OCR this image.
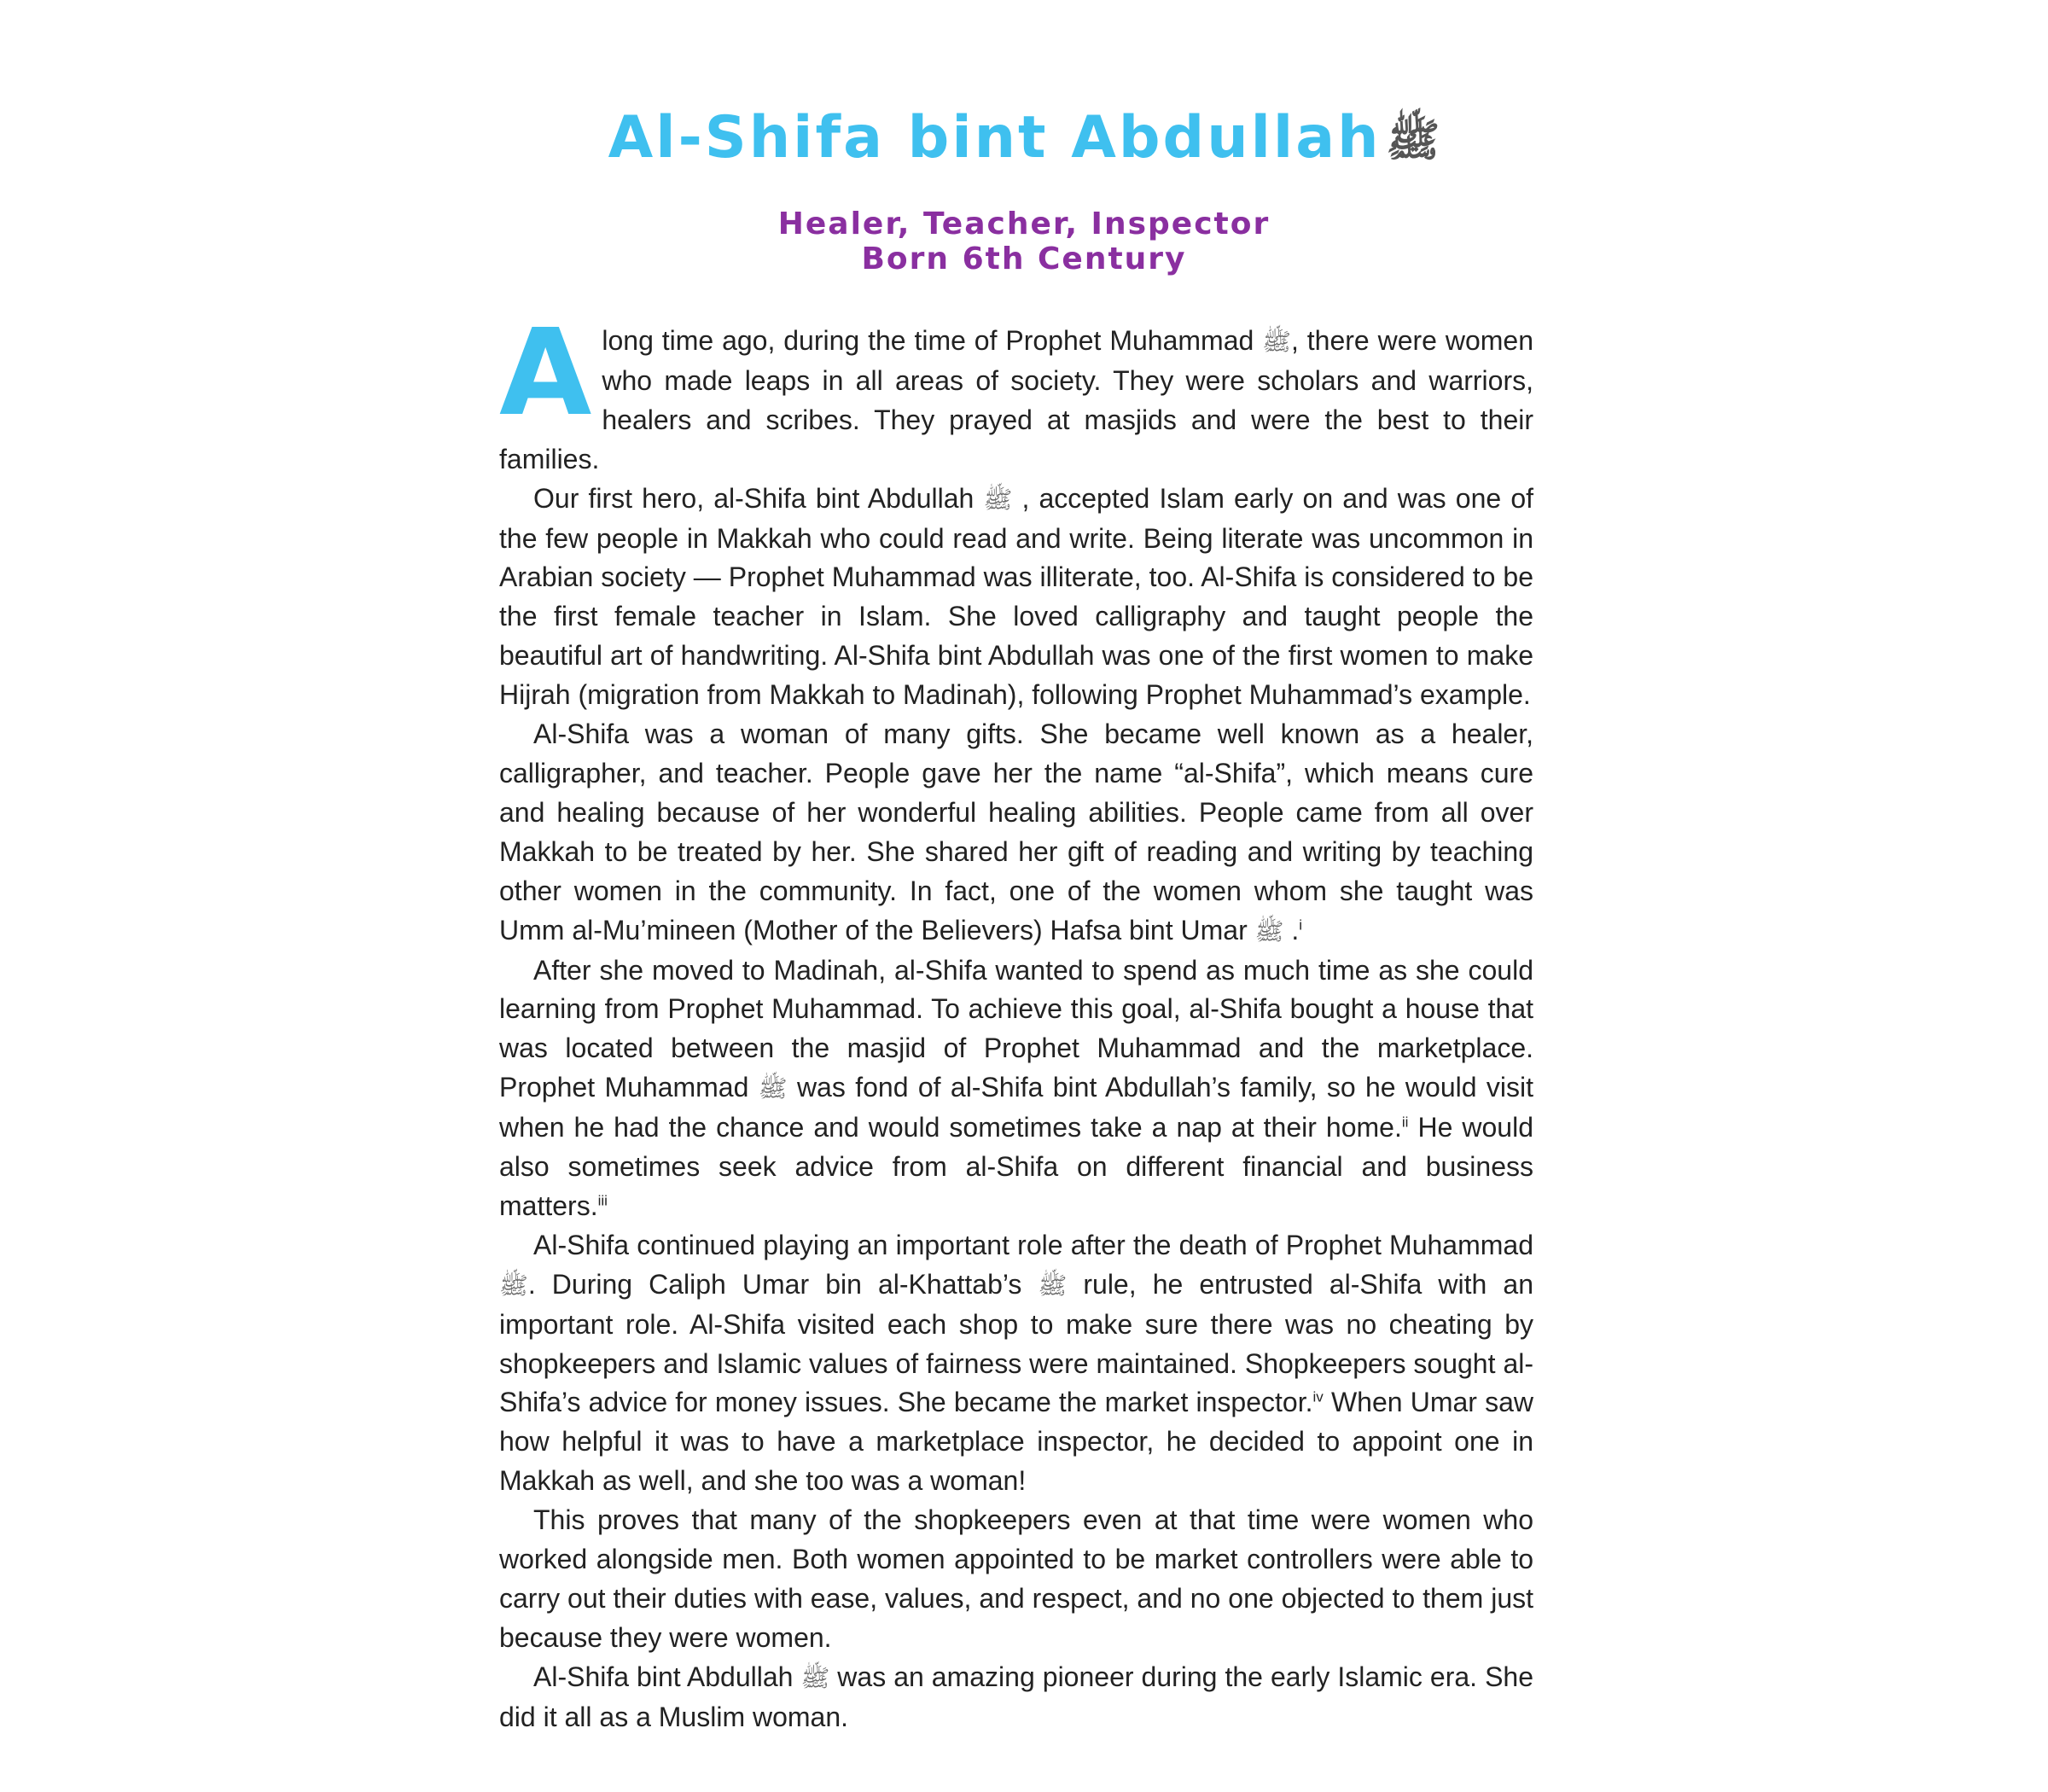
Al-Shifa bint Abdullah ﷺ
Healer, Teacher, Inspector
Born 6th Century

Along time ago, during the time of Prophet Muhammad ﷺ, there were women who made leaps in all areas of society. They were scholars and warriors, healers and scribes. They prayed at masjids and were the best to their families.

Our first hero, al-Shifa bint Abdullah ﷺ , accepted Islam early on and was one of the few people in Makkah who could read and write. Being literate was uncommon in Arabian society — Prophet Muhammad was illiterate, too. Al-Shifa is considered to be the first female teacher in Islam. She loved calligraphy and taught people the beautiful art of handwriting. Al-Shifa bint Abdullah was one of the first women to make Hijrah (migration from Makkah to Madinah), following Prophet Muhammad’s example.

Al-Shifa was a woman of many gifts. She became well known as a healer, calligrapher, and teacher. People gave her the name “al-Shifa”, which means cure and healing because of her wonderful healing abilities. People came from all over Makkah to be treated by her. She shared her gift of reading and writing by teaching other women in the community. In fact, one of the women whom she taught was Umm al-Mu’mineen (Mother of the Believers) Hafsa bint Umar ﷺ .$^i$

After she moved to Madinah, al-Shifa wanted to spend as much time as she could learning from Prophet Muhammad. To achieve this goal, al-Shifa bought a house that was located between the masjid of Prophet Muhammad and the marketplace. Prophet Muhammad ﷺ was fond of al-Shifa bint Abdullah’s family, so he would visit when he had the chance and would sometimes take a nap at their home.$^{ii}$ He would also sometimes seek advice from al-Shifa on different financial and business matters.$^{iii}$

Al-Shifa continued playing an important role after the death of Prophet Muhammad ﷺ. During Caliph Umar bin al-Khattab’s ﷺ rule, he entrusted al-Shifa with an important role. Al-Shifa visited each shop to make sure there was no cheating by shopkeepers and Islamic values of fairness were maintained. Shopkeepers sought al-Shifa’s advice for money issues. She became the market inspector.$^{iv}$ When Umar saw how helpful it was to have a marketplace inspector, he decided to appoint one in Makkah as well, and she too was a woman!

This proves that many of the shopkeepers even at that time were women who worked alongside men. Both women appointed to be market controllers were able to carry out their duties with ease, values, and respect, and no one objected to them just because they were women.

Al-Shifa bint Abdullah ﷺ was an amazing pioneer during the early Islamic era. She did it all as a Muslim woman.
